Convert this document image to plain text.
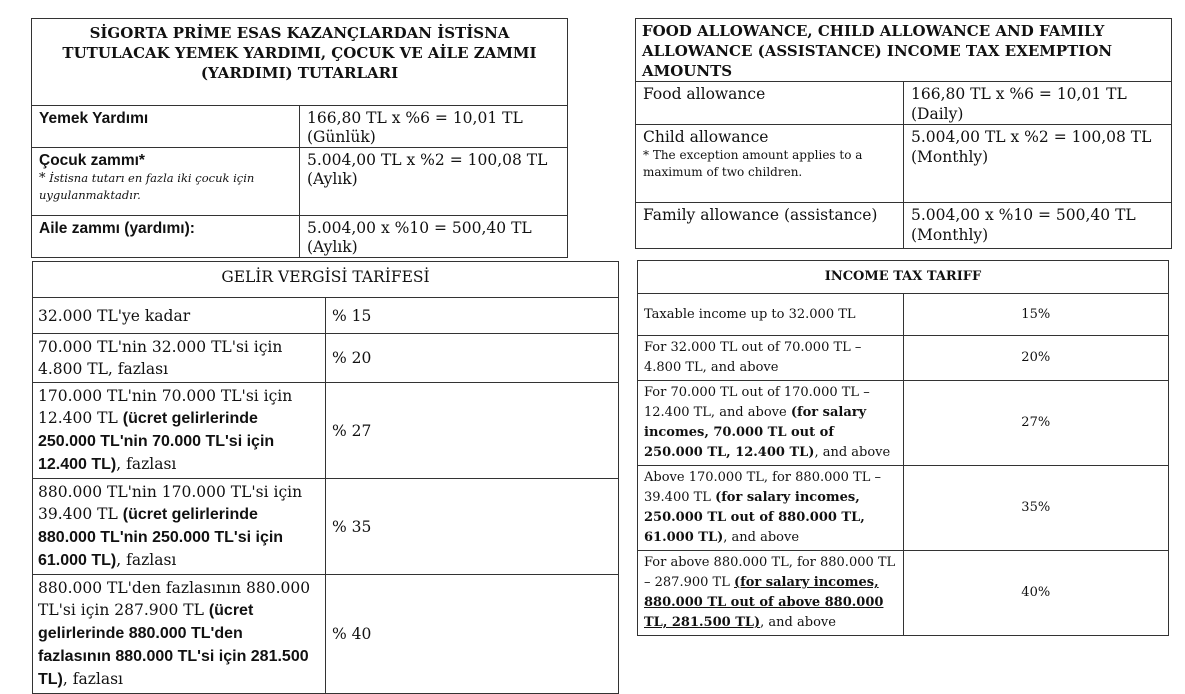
SİGORTA PRİME ESAS KAZANÇLARDAN İSTİSNA TUTULACAK YEMEK YARDIMI, ÇOCUK VE AİLE ZAMMI (YARDIMI) TUTARLARI	
Yemek Yardımı	166,80 TL x %6 = 10,01 TL (Günlük)
Çocuk zammı*
* İstisna tutarı en fazla iki çocuk için uygulanmaktadır.	5.004,00 TL x %2 = 100,08 TL (Aylık)
Aile zammı (yardımı):	5.004,00 x %10 = 500,40 TL (Aylık)
FOOD ALLOWANCE, CHILD ALLOWANCE AND FAMILY ALLOWANCE (ASSISTANCE) INCOME TAX EXEMPTION AMOUNTS	
Food allowance	166,80 TL x %6 = 10,01 TL (Daily)
Child allowance
* The exception amount applies to a maximum of two children.	5.004,00 TL x %2 = 100,08 TL (Monthly)
Family allowance (assistance)	5.004,00 x %10 = 500,40 TL (Monthly)
GELİR VERGİSİ TARİFESİ	
32.000 TL'ye kadar	% 15
70.000 TL'nin 32.000 TL'si için 4.800 TL, fazlası	% 20
170.000 TL'nin 70.000 TL'si için 12.400 TL (ücret gelirlerinde 250.000 TL'nin 70.000 TL'si için 12.400 TL), fazlası	% 27
880.000 TL'nin 170.000 TL'si için 39.400 TL (ücret gelirlerinde 880.000 TL'nin 250.000 TL'si için 61.000 TL), fazlası	% 35
880.000 TL'den fazlasının 880.000 TL'si için 287.900 TL (ücret gelirlerinde 880.000 TL'den fazlasının 880.000 TL'si için 281.500 TL), fazlası	% 40
INCOME TAX TARIFF	
Taxable income up to 32.000 TL	15%
For 32.000 TL out of 70.000 TL – 4.800 TL, and above	20%
For 70.000 TL out of 170.000 TL – 12.400 TL, and above (for salary incomes, 70.000 TL out of 250.000 TL, 12.400 TL), and above	27%
Above 170.000 TL, for 880.000 TL – 39.400 TL (for salary incomes, 250.000 TL out of 880.000 TL, 61.000 TL), and above	35%
For above 880.000 TL, for 880.000 TL – 287.900 TL (for salary incomes, 880.000 TL out of above 880.000 TL, 281.500 TL), and above	40%
